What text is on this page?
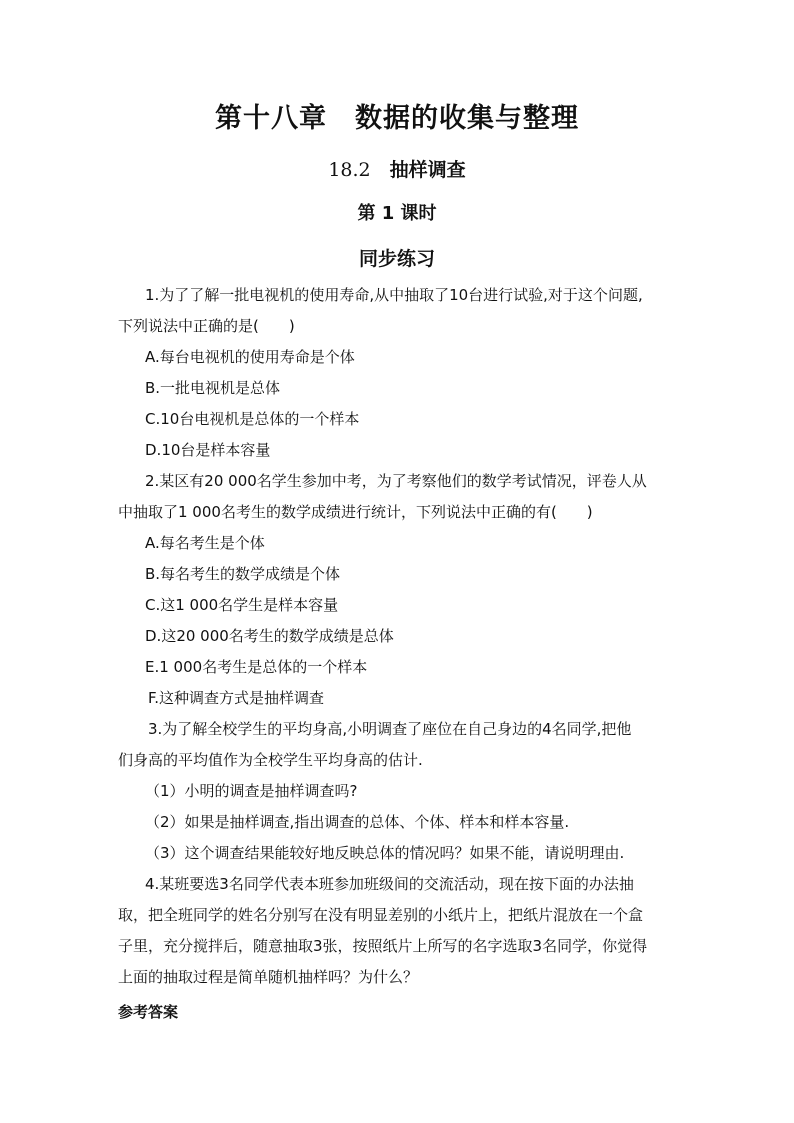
第十八章　数据的收集与整理
18.2　 抽样调查
第 1 课时
同步练习
1.为了了解一批电视机的使用寿命,从中抽取了10台进行试验,对于这个问题,
下列说法中正确的是(　　)
A.每台电视机的使用寿命是个体
B.一批电视机是总体
C.10台电视机是总体的一个样本
D.10台是样本容量
2.某区有20 000名学生参加中考，为了考察他们的数学考试情况，评卷人从
中抽取了1 000名考生的数学成绩进行统计，下列说法中正确的有(　　)
A.每名考生是个体
B.每名考生的数学成绩是个体
C.这1 000名学生是样本容量
D.这20 000名考生的数学成绩是总体
E.1 000名考生是总体的一个样本
F.这种调查方式是抽样调查
3.为了解全校学生的平均身高,小明调查了座位在自己身边的4名同学,把他
们身高的平均值作为全校学生平均身高的估计.
（1）小明的调查是抽样调查吗?
（2）如果是抽样调查,指出调查的总体、个体、样本和样本容量.
（3）这个调查结果能较好地反映总体的情况吗？如果不能，请说明理由.
4.某班要选3名同学代表本班参加班级间的交流活动，现在按下面的办法抽
取，把全班同学的姓名分别写在没有明显差别的小纸片上，把纸片混放在一个盒
子里，充分搅拌后，随意抽取3张，按照纸片上所写的名字选取3名同学，你觉得
上面的抽取过程是简单随机抽样吗？为什么？
参考答案
